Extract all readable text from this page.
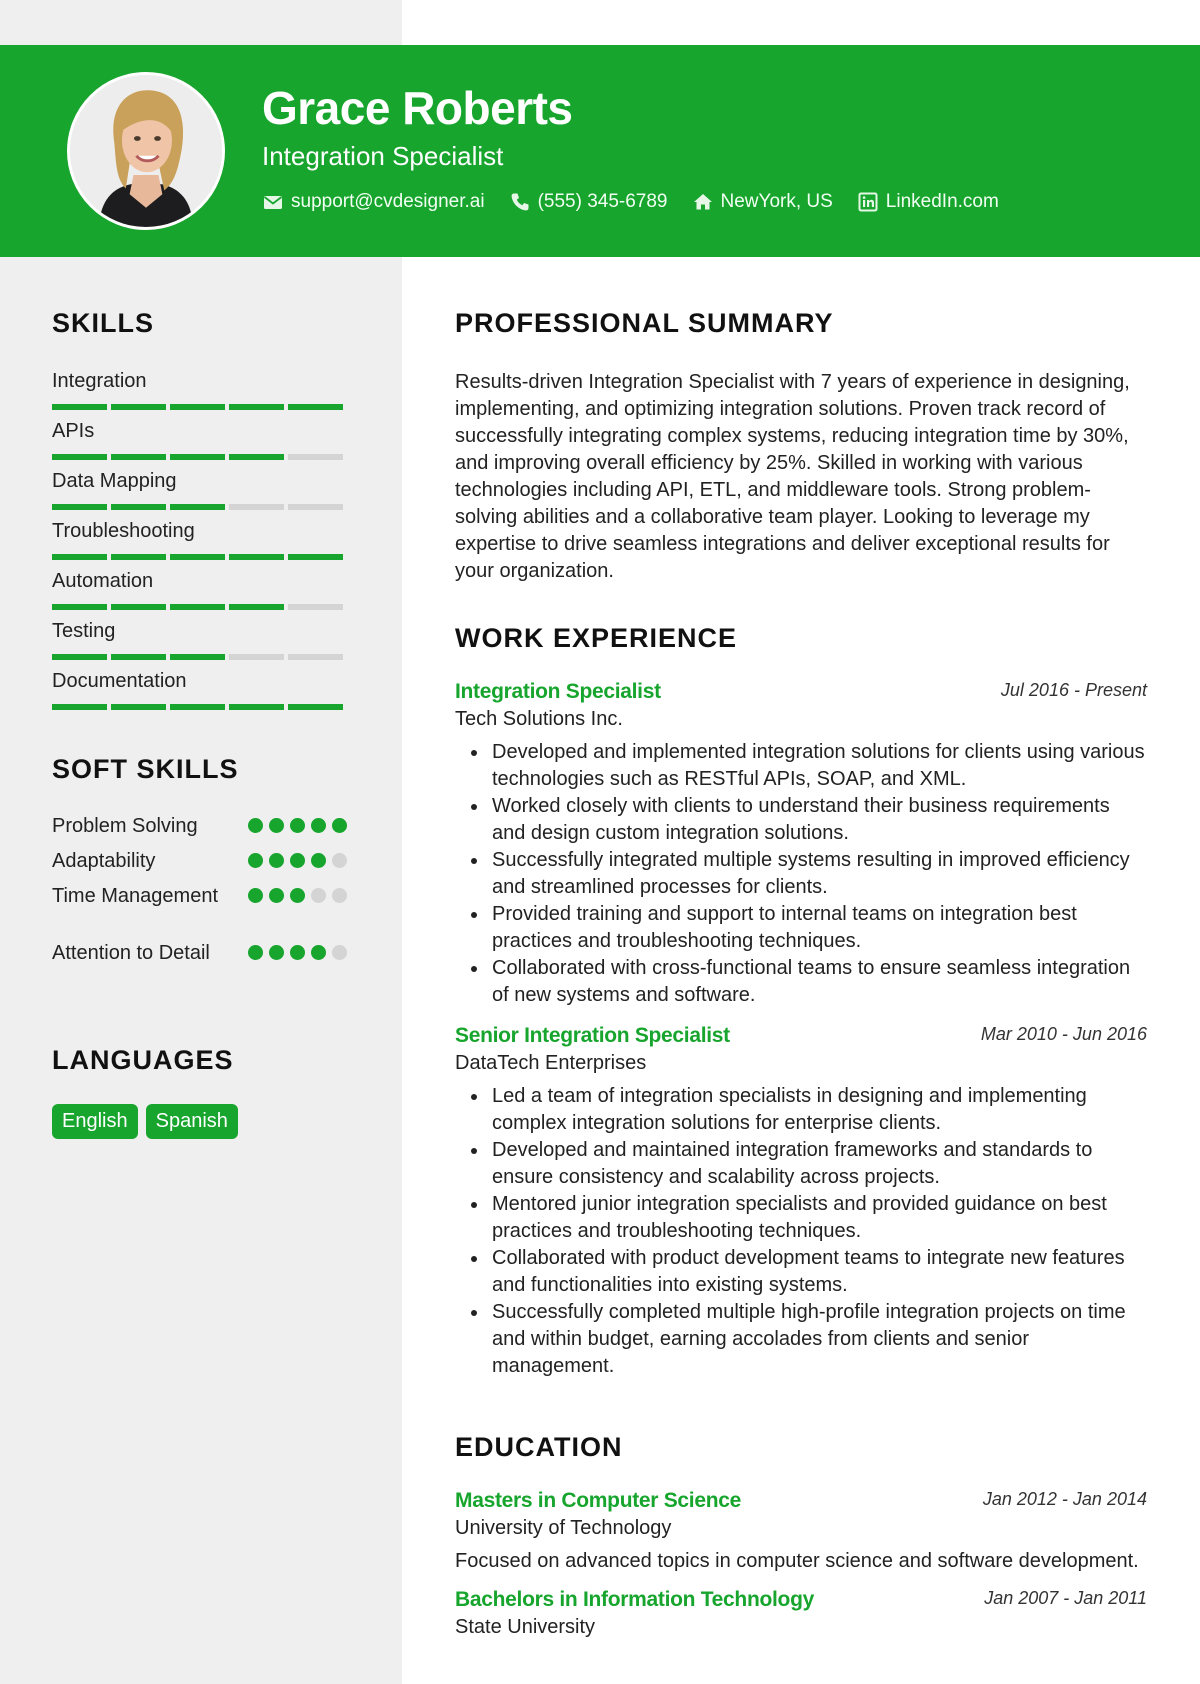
Grace Roberts
Integration Specialist
support@cvdesigner.ai	(555) 345-6789	NewYork, US	LinkedIn.com
SKILLS
Integration
APIs
Data Mapping
Troubleshooting
Automation
Testing
Documentation
SOFT SKILLS
Problem Solving
Adaptability
Time Management
Attention to Detail
LANGUAGES
English	Spanish
PROFESSIONAL SUMMARY
Results-driven Integration Specialist with 7 years of experience in designing, implementing, and optimizing integration solutions. Proven track record of successfully integrating complex systems, reducing integration time by 30%, and improving overall efficiency by 25%. Skilled in working with various technologies including API, ETL, and middleware tools. Strong problem-solving abilities and a collaborative team player. Looking to leverage my expertise to drive seamless integrations and deliver exceptional results for your organization.
WORK EXPERIENCE
Integration Specialist	Jul 2016 - Present
Tech Solutions Inc.
Developed and implemented integration solutions for clients using various technologies such as RESTful APIs, SOAP, and XML.
Worked closely with clients to understand their business requirements and design custom integration solutions.
Successfully integrated multiple systems resulting in improved efficiency and streamlined processes for clients.
Provided training and support to internal teams on integration best practices and troubleshooting techniques.
Collaborated with cross-functional teams to ensure seamless integration of new systems and software.
Senior Integration Specialist	Mar 2010 - Jun 2016
DataTech Enterprises
Led a team of integration specialists in designing and implementing complex integration solutions for enterprise clients.
Developed and maintained integration frameworks and standards to ensure consistency and scalability across projects.
Mentored junior integration specialists and provided guidance on best practices and troubleshooting techniques.
Collaborated with product development teams to integrate new features and functionalities into existing systems.
Successfully completed multiple high-profile integration projects on time and within budget, earning accolades from clients and senior management.
EDUCATION
Masters in Computer Science	Jan 2012 - Jan 2014
University of Technology
Focused on advanced topics in computer science and software development.
Bachelors in Information Technology	Jan 2007 - Jan 2011
State University
